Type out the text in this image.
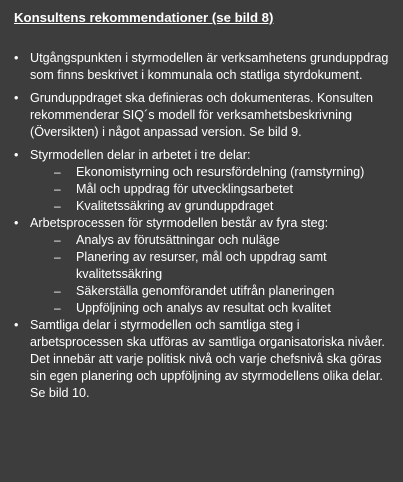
Konsultens rekommendationer (se bild 8)
• Utgångspunkten i styrmodellen är verksamhetens grunduppdrag som finns beskrivet i kommunala och statliga styrdokument.
• Grunduppdraget ska definieras och dokumenteras. Konsulten rekommenderar SIQ´s modell för verksamhetsbeskrivning (Översikten) i något anpassad version. Se bild 9.
• Styrmodellen delar in arbetet i tre delar:
–	Ekonomistyrning och resursfördelning (ramstyrning)
–	Mål och uppdrag för utvecklingsarbetet
–	Kvalitetssäkring av grunduppdraget
• Arbetsprocessen för styrmodellen består av fyra steg:
–	Analys av förutsättningar och nuläge
–	Planering av resurser, mål och uppdrag samt kvalitetssäkring
–	Säkerställa genomförandet utifrån planeringen
–	Uppföljning och analys av resultat och kvalitet
• Samtliga delar i styrmodellen och samtliga steg i arbetsprocessen ska utföras av samtliga organisatoriska nivåer. Det innebär att varje politisk nivå och varje chefsnivå ska göras sin egen planering och uppföljning av styrmodellens olika delar. Se bild 10.
